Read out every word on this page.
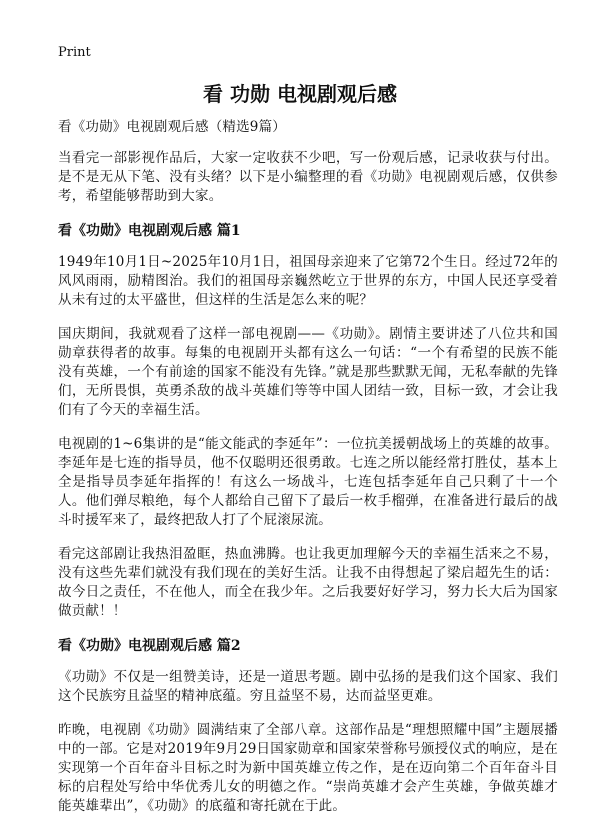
Print
看 功勋 电视剧观后感

看《功勋》电视剧观后感（精选9篇）

当看完一部影视作品后，大家一定收获不少吧，写一份观后感，记录收获与付出。是不是无从下笔、没有头绪？以下是小编整理的看《功勋》电视剧观后感，仅供参考，希望能够帮助到大家。

看《功勋》电视剧观后感 篇1

1949年10月1日~2025年10月1日，祖国母亲迎来了它第72个生日。经过72年的风风雨雨，励精图治。我们的祖国母亲巍然屹立于世界的东方，中国人民还享受着从未有过的太平盛世，但这样的生活是怎么来的呢？

国庆期间，我就观看了这样一部电视剧——《功勋》。剧情主要讲述了八位共和国勋章获得者的故事。每集的电视剧开头都有这么一句话：“一个有希望的民族不能没有英雄，一个有前途的国家不能没有先锋。”就是那些默默无闻，无私奉献的先锋们，无所畏惧，英勇杀敌的战斗英雄们等等中国人团结一致，目标一致，才会让我们有了今天的幸福生活。

电视剧的1~6集讲的是“能文能武的李延年”：一位抗美援朝战场上的英雄的故事。李延年是七连的指导员，他不仅聪明还很勇敢。七连之所以能经常打胜仗，基本上全是指导员李延年指挥的！有这么一场战斗，七连包括李延年自己只剩了十一个人。他们弹尽粮绝，每个人都给自己留下了最后一枚手榴弹，在准备进行最后的战斗时援军来了，最终把敌人打了个屁滚尿流。

看完这部剧让我热泪盈眶，热血沸腾。也让我更加理解今天的幸福生活来之不易，没有这些先辈们就没有我们现在的美好生活。让我不由得想起了梁启超先生的话：故今日之责任，不在他人，而全在我少年。之后我要好好学习，努力长大后为国家做贡献！！

看《功勋》电视剧观后感 篇2

《功勋》不仅是一组赞美诗，还是一道思考题。剧中弘扬的是我们这个国家、我们这个民族穷且益坚的精神底蕴。穷且益坚不易，达而益坚更难。

昨晚，电视剧《功勋》圆满结束了全部八章。这部作品是“理想照耀中国”主题展播中的一部。它是对2019年9月29日国家勋章和国家荣誉称号颁授仪式的响应，是在实现第一个百年奋斗目标之时为新中国英雄立传之作，是在迈向第二个百年奋斗目标的启程处写给中华优秀儿女的明德之作。“崇尚英雄才会产生英雄，争做英雄才能英雄辈出”，《功勋》的底蕴和寄托就在于此。
